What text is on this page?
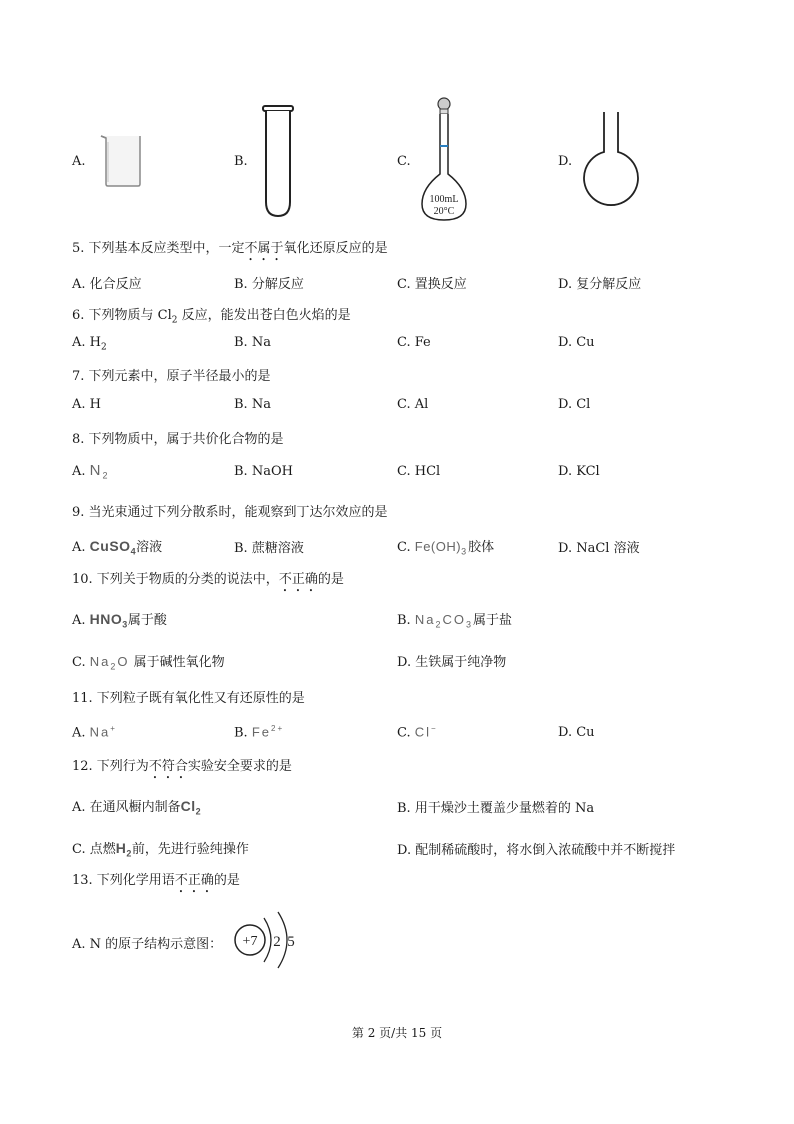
A.	B.	C.
100mL
20°C
D.
5. 下列基本反应类型中，一定不属于氧化还原反应的是
A. 化合反应	B. 分解反应	C. 置换反应	D. 复分解反应
6. 下列物质与 $Cl_2$ 反应，能发出苍白色火焰的是
A. $H_2$	B. Na	C. Fe	D. Cu
7. 下列元素中，原子半径最小的是
A. H	B. Na	C. Al	D. Cl
8. 下列物质中，属于共价化合物的是
A. $N_2$	B. NaOH	C. HCl	D. KCl
9. 当光束通过下列分散系时，能观察到丁达尔效应的是
A. CuSO$_4$溶液	B. 蔗糖溶液	C. $Fe(OH)_3$胶体	D. NaCl 溶液
10. 下列关于物质的分类的说法中，不正确的是
A. $HNO_3$属于酸	B. $Na_2CO_3$属于盐
C. $Na_2O$ 属于碱性氧化物	D. 生铁属于纯净物
11. 下列粒子既有氧化性又有还原性的是
A. Na+	B. $Fe^{2+}$	C. Cl−	D. Cu
12. 下列行为不符合实验安全要求的是
A. 在通风橱内制备$Cl_2$	B. 用干燥沙土覆盖少量燃着的 Na
C. 点燃$H_2$前，先进行验纯操作	D. 配制稀硫酸时，将水倒入浓硫酸中并不断搅拌
13. 下列化学用语不正确的是
A. N 的原子结构示意图： +7 2 5
第 2 页/共 15 页
